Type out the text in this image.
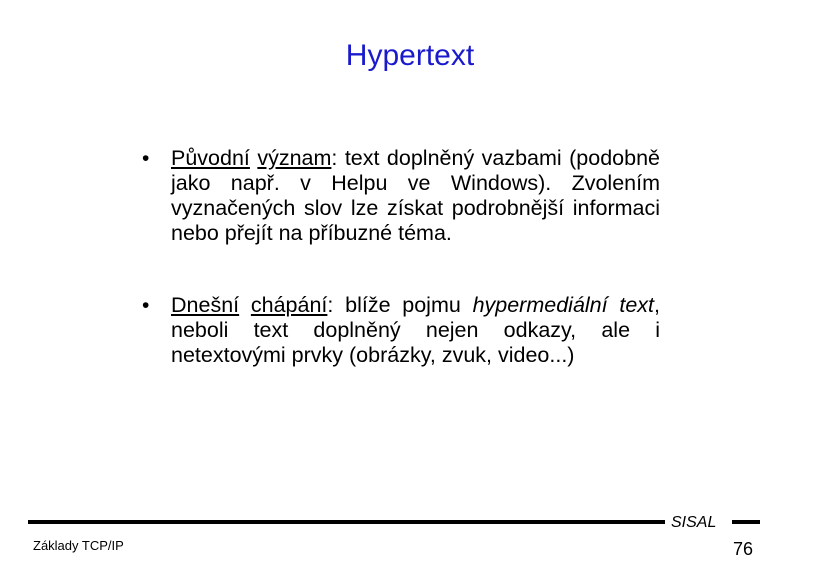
Hypertext
• Původní význam: text doplněný vazbami (podobně jako např. v Helpu ve Windows). Zvolením vyznačených slov lze získat podrobnější informaci nebo přejít na příbuzné téma.
• Dnešní chápání: blíže pojmu hypermediální text, neboli text doplněný nejen odkazy, ale i netextovými prvky (obrázky, zvuk, video...)
SISAL
Základy TCP/IP	76
